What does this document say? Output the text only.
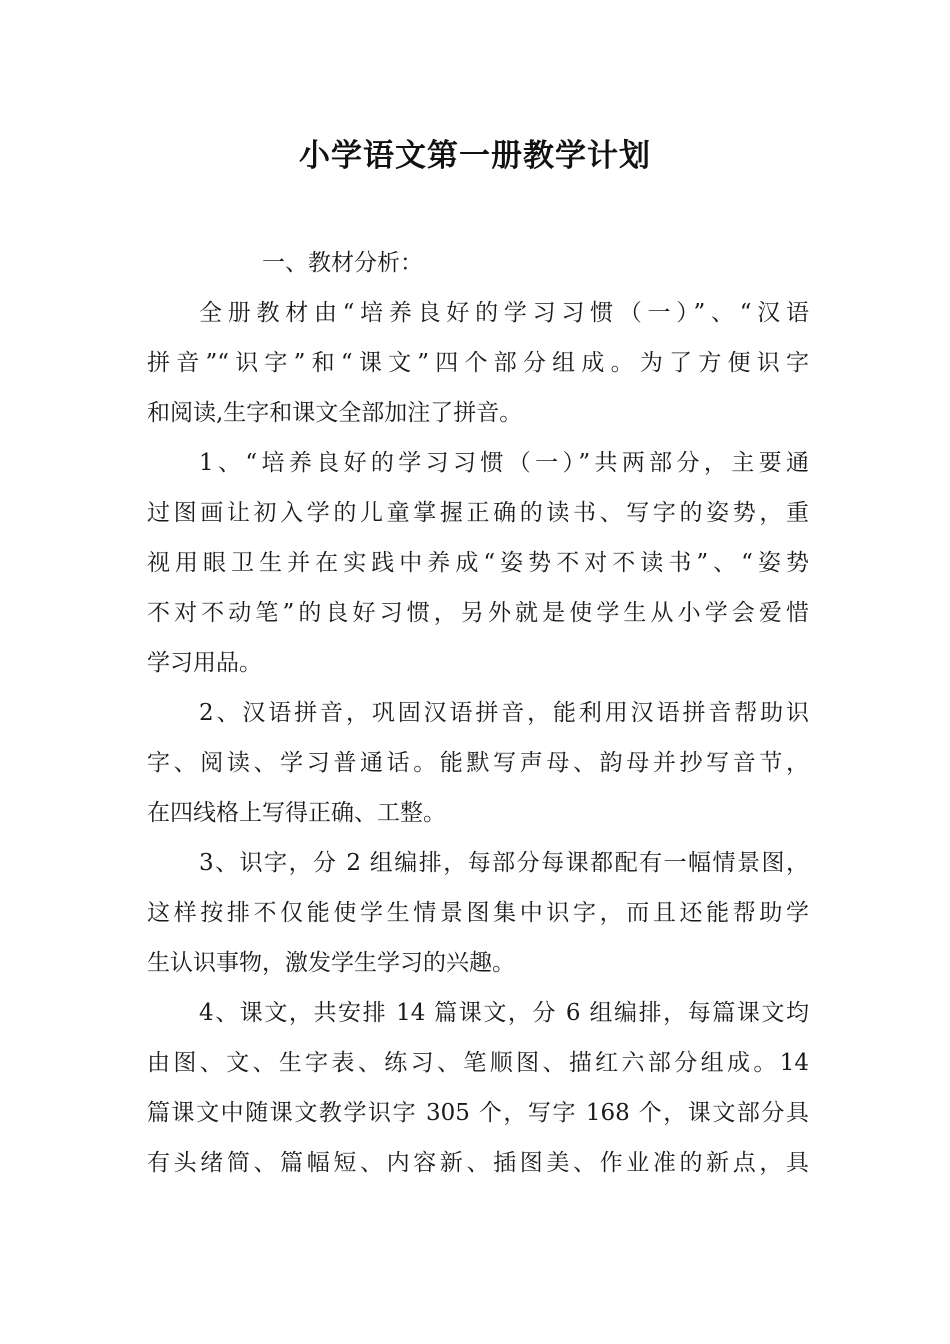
小学语文第一册教学计划
一、教材分析：
全册教材由“培养良好的学习习惯（一）”、“汉语
拼音”“识字”和“课文”四个部分组成。为了方便识字
和阅读,生字和课文全部加注了拼音。
1、“培养良好的学习习惯（一）”共两部分，主要通
过图画让初入学的儿童掌握正确的读书、写字的姿势，重
视用眼卫生并在实践中养成“姿势不对不读书”、“姿势
不对不动笔”的良好习惯，另外就是使学生从小学会爱惜
学习用品。
2、汉语拼音，巩固汉语拼音，能利用汉语拼音帮助识
字、阅读、学习普通话。能默写声母、韵母并抄写音节，
在四线格上写得正确、工整。
3、识字，分 2 组编排，每部分每课都配有一幅情景图，
这样按排不仅能使学生情景图集中识字，而且还能帮助学
生认识事物，激发学生学习的兴趣。
4、课文，共安排 14 篇课文，分 6 组编排，每篇课文均
由图、文、生字表、练习、笔顺图、描红六部分组成。14
篇课文中随课文教学识字 305 个，写字 168 个，课文部分具
有头绪简、篇幅短、内容新、插图美、作业准的新点，具
